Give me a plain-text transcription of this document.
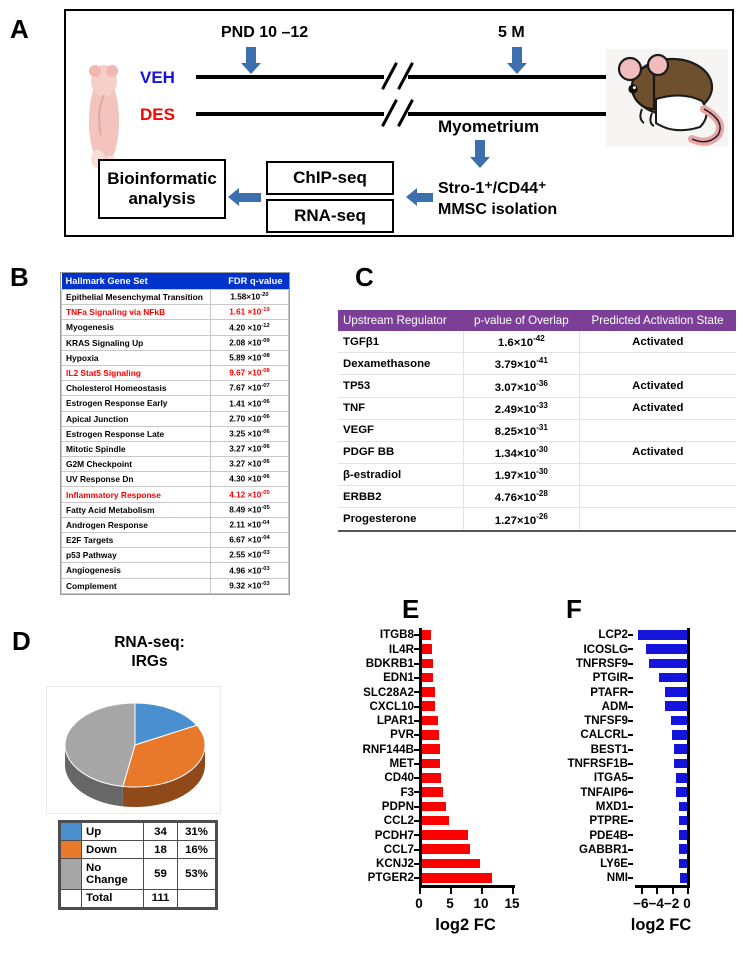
A
VEH
DES
PND 10 –12	5 M
Myometrium
Stro-1⁺/CD44⁺
MMSC isolation
ChIP-seq
RNA-seq
Bioinformatic
analysis
B	Hallmark Gene Set	FDR q-value
Epithelial Mesenchymal Transition	$1.58\times 10^{-20}$
TNFa Signaling via NFkB	$1.61 \times 10^{-19}$
Myogenesis	$4.20 \times 10^{-12}$
KRAS Signaling Up	$2.08 \times 10^{-09}$
Hypoxia	$5.89 \times 10^{-08}$
IL2 Stat5 Signaling	$9.67 \times 10^{-08}$
Cholesterol Homeostasis	$7.67 \times 10^{-07}$
Estrogen Response Early	$1.41 \times 10^{-06}$
Apical Junction	$2.70 \times 10^{-06}$
Estrogen Response Late	$3.25 \times 10^{-06}$
Mitotic Spindle	$3.27 \times 10^{-06}$
G2M Checkpoint	$3.27 \times 10^{-06}$
UV Response Dn	$4.30 \times 10^{-06}$
Inflammatory Response	$4.12 \times 10^{-05}$
Fatty Acid Metabolism	$8.49 \times 10^{-05}$
Androgen Response	$2.11 \times 10^{-04}$
E2F Targets	$6.67 \times 10^{-04}$
p53 Pathway	$2.55 \times 10^{-03}$
Angiogenesis	$4.96 \times 10^{-03}$
Complement	$9.32 \times 10^{-03}$
C
Upstream Regulator	p-value of Overlap	Predicted Activation State
TGFβ1	$1.6\times 10^{-42}$	Activated
Dexamethasone	$3.79\times 10^{-41}$	
TP53	$3.07\times 10^{-36}$	Activated
TNF	$2.49\times 10^{-33}$	Activated
VEGF	$8.25\times 10^{-31}$	
PDGF BB	$1.34\times 10^{-30}$	Activated
β-estradiol	$1.97\times 10^{-30}$	
ERBB2	$4.76\times 10^{-28}$	
Progesterone	$1.27\times 10^{-26}$	
D	RNA-seq:
IRGs
	Up	34	31%
	Down	18	16%
	No Change	59	53%
	Total	111	
E
ITGB8
IL4R
BDKRB1
EDN1
SLC28A2
CXCL10
LPAR1
PVR
RNF144B
MET
CD40
F3
PDPN
CCL2
PCDH7
CCL7
KCNJ2
PTGER2
0	5	10	15
log2 FC
F
LCP2
ICOSLG
TNFRSF9
PTGIR
PTAFR
ADM
TNFSF9
CALCRL
BEST1
TNFRSF1B
ITGA5
TNFAIP6
MXD1
PTPRE
PDE4B
GABBR1
LY6E
NMI
−6 −4 −2 0
log2 FC
